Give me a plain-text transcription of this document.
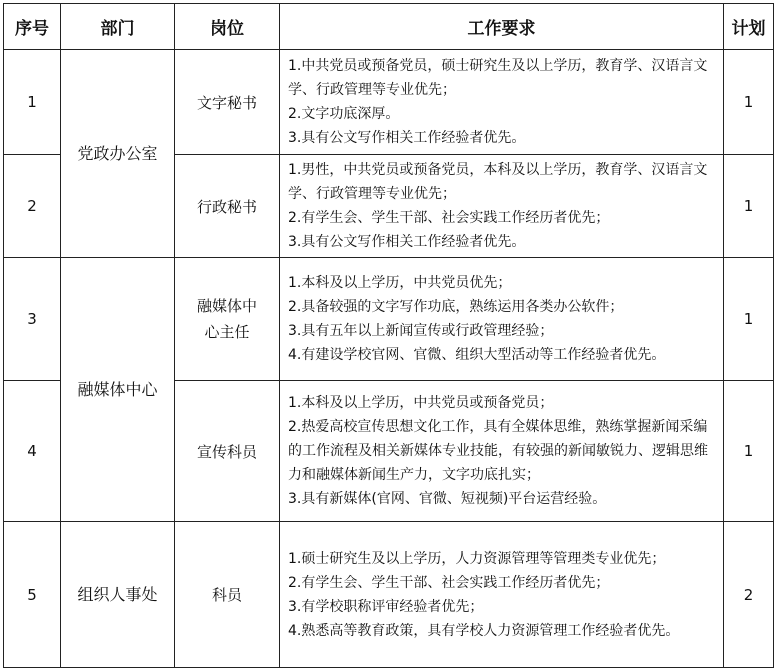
序号	部门	岗位	工作要求	计划
1	党政办公室	文字秘书	1.中共党员或预备党员，硕士研究生及以上学历，教育学、汉语言文学、行政管理等专业优先；
2.文字功底深厚。
3.具有公文写作相关工作经验者优先。	1
2		行政秘书	1.男性，中共党员或预备党员，本科及以上学历，教育学、汉语言文学、行政管理等专业优先；
2.有学生会、学生干部、社会实践工作经历者优先；
3.具有公文写作相关工作经验者优先。	1
3	融媒体中心	融媒体中心主任	1.本科及以上学历，中共党员优先；
2.具备较强的文字写作功底，熟练运用各类办公软件；
3.具有五年以上新闻宣传或行政管理经验；
4.有建设学校官网、官微、组织大型活动等工作经验者优先。	1
4		宣传科员	1.本科及以上学历，中共党员或预备党员；
2.热爱高校宣传思想文化工作，具有全媒体思维，熟练掌握新闻采编的工作流程及相关新媒体专业技能，有较强的新闻敏锐力、逻辑思维力和融媒体新闻生产力，文字功底扎实；
3.具有新媒体(官网、官微、短视频)平台运营经验。	1
5	组织人事处	科员	1.硕士研究生及以上学历，人力资源管理等管理类专业优先；
2.有学生会、学生干部、社会实践工作经历者优先；
3.有学校职称评审经验者优先；
4.熟悉高等教育政策，具有学校人力资源管理工作经验者优先。	2
